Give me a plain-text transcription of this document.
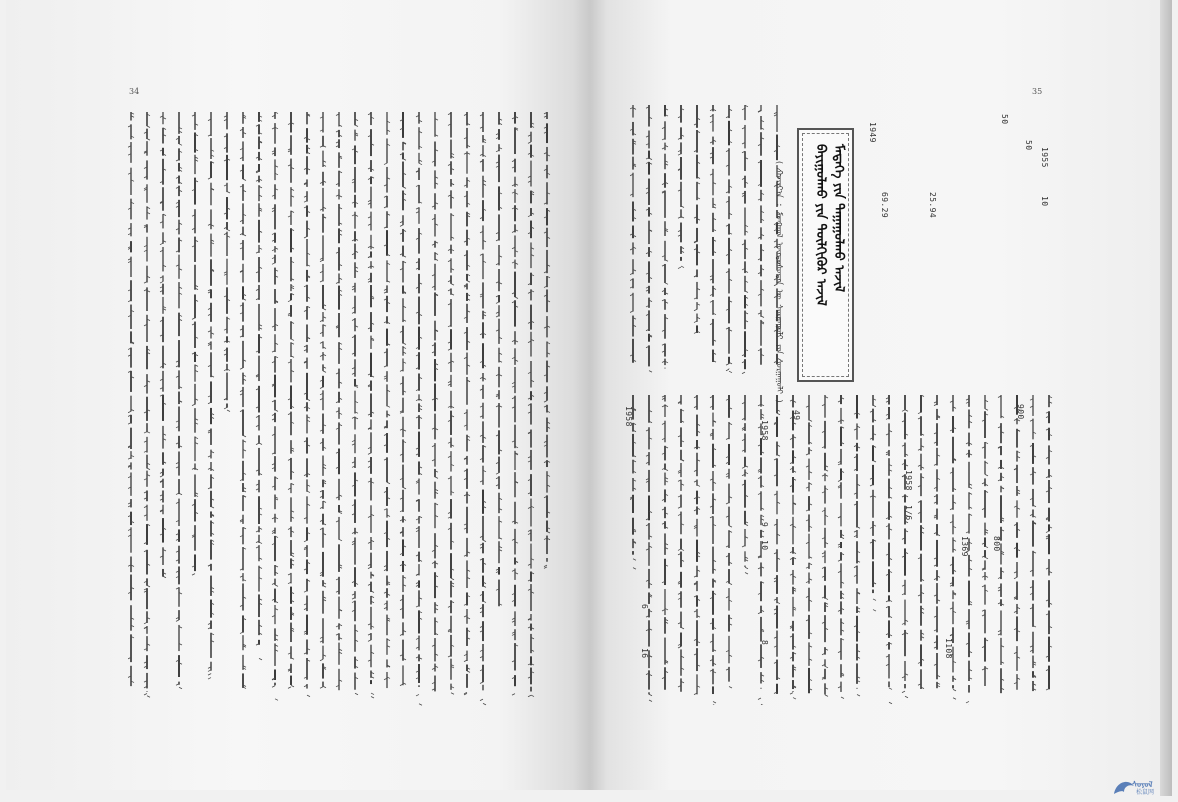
34	35
ᠪᠠᠶᠢᠭᠤᠯᠬᠤ ᠶᠢᠨ ᠲᠦᠯᠬᠢᠭᠦᠷ ᠠᠵᠢᠯ ᠮᠡᠳᠡᠭᠡ ᠶᠢᠨ ᠳᠠᠭᠠᠭᠤᠯᠬᠤ ᠠᠵᠢᠯ
( ᠬᠣᠷᠢᠶ᠎ᠠ : ᠮᠣᠩᠭᠣᠯ ᠦᠨᠳᠦᠰᠦᠲᠡᠨ ᠦ ᠰᠤᠷᠭᠠᠭᠤᠯᠢ ᠶᠢᠨ ᠰᠤᠷᠭᠠᠭᠤᠯᠢ )
1955
10
50
50
1949
25.94
69.29
900
800
1369
1108
1958
1/6
1958
49
9
10
8
16
6
1958
ᠰᠣᠶᠣᠯ
松鼠网
